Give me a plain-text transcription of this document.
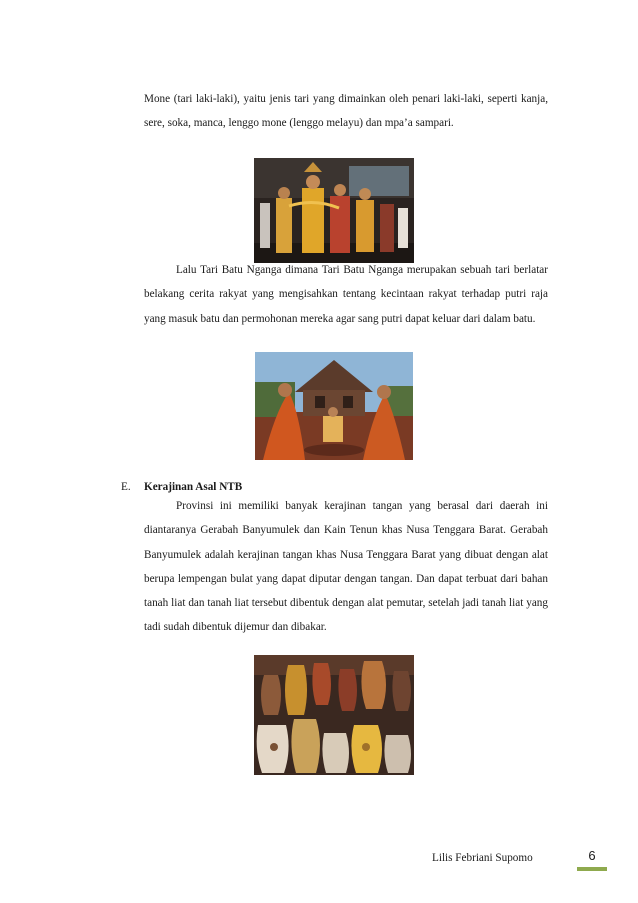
Mone (tari laki-laki), yaitu jenis tari yang dimainkan oleh penari laki-laki, seperti kanja, sere, soka, manca, lenggo mone (lenggo melayu) dan mpa’a sampari.

Lalu Tari Batu Nganga dimana Tari Batu Nganga merupakan sebuah tari berlatar belakang cerita rakyat yang mengisahkan tentang kecintaan rakyat terhadap putri raja yang masuk batu dan permohonan mereka agar sang putri dapat keluar dari dalam batu.

E. Kerajinan Asal NTB

Provinsi ini memiliki banyak kerajinan tangan yang berasal dari daerah ini diantaranya Gerabah Banyumulek dan Kain Tenun khas Nusa Tenggara Barat. Gerabah Banyumulek adalah kerajinan tangan khas Nusa Tenggara Barat yang dibuat dengan alat berupa lempengan bulat yang dapat diputar dengan tangan. Dan dapat terbuat dari bahan tanah liat dan tanah liat tersebut dibentuk dengan alat pemutar, setelah jadi tanah liat yang tadi sudah dibentuk dijemur dan dibakar.

Lilis Febriani Supomo	6
